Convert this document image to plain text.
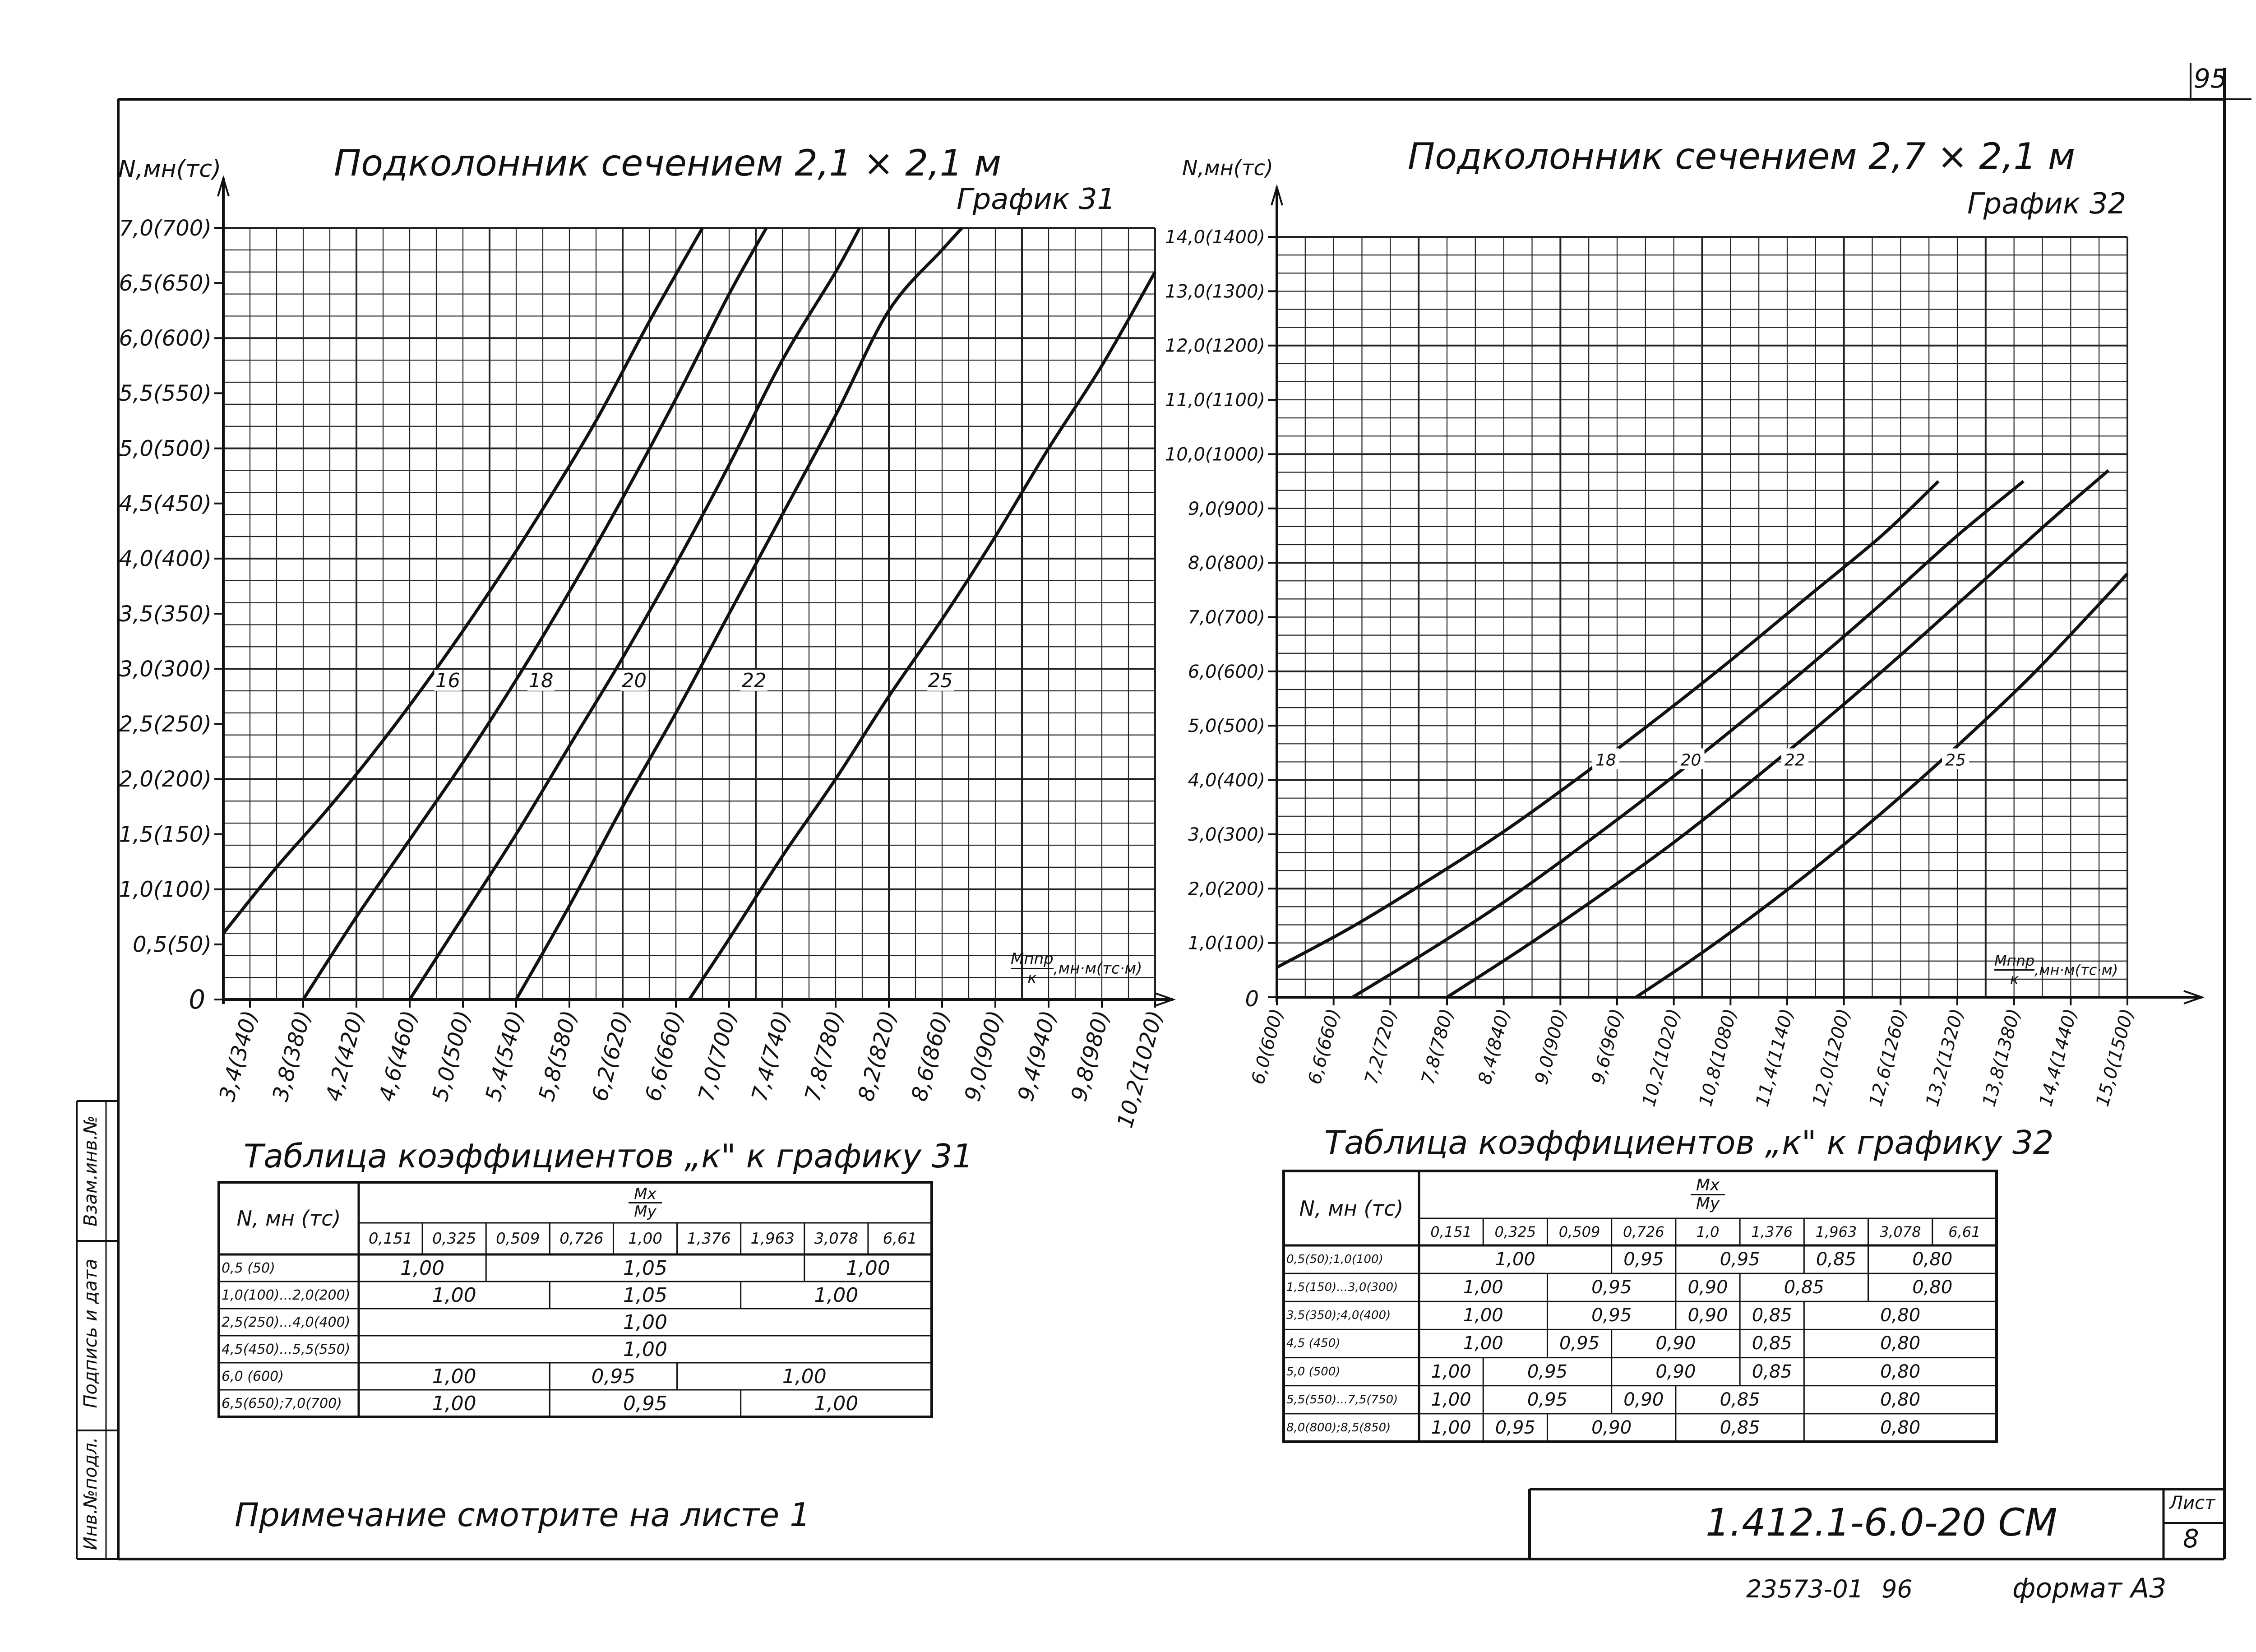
95
Взам.инв.№
Подпись и дата
Инв.№подл.
Подколонник сечением 2,1 × 2,1 м
График 31
N,мн(тс)
0,5(50)
1,0(100)
1,5(150)
2,0(200)
2,5(250)
3,0(300)
3,5(350)
4,0(400)
4,5(450)
5,0(500)
5,5(550)
6,0(600)
6,5(650)
7,0(700)
3,4(340) 3,8(380) 4,2(420) 4,6(460) 5,0(500) 5,4(540) 5,8(580) 6,2(620) 6,6(660) 7,0(700) 7,4(740) 7,8(780) 8,2(820) 8,6(860) 9,0(900) 9,4(940) 9,8(980)
10,2(1020)
16	18	20	22	25
0
Mпnр
к
,мн·м(тс·м)
Подколонник сечением 2,7 × 2,1 м
График 32
N,мн(тс)
1,0(100)
2,0(200)
3,0(300)
4,0(400)
5,0(500)
6,0(600)
7,0(700)
8,0(800)
9,0(900)
10,0(1000)
11,0(1100)
12,0(1200)
13,0(1300)
14,0(1400)
6,0(600) 6,6(660) 7,2(720) 7,8(780) 8,4(840) 9,0(900) 9,6(960) 10,2(1020) 10,8(1080) 11,4(1140) 12,0(1200) 12,6(1260) 13,2(1320) 13,8(1380) 14,4(1440) 15,0(1500)
18	20	22	25
0
Mпnр
к
,мн·м(тс·м)
Таблица коэффициентов „к" к графику 31
N, мн (тс)	$\frac{Mx}{My}$
0,151	0,325	0,509	0,726	1,00	1,376	1,963	3,078	6,61
0,5 (50)	1,00	1,05	1,00
1,0(100)...2,0(200)	1,00	1,05	1,00
2,5(250)...4,0(400)	1,00
4,5(450)...5,5(550)	1,00
6,0 (600)	1,00	0,95	1,00
6,5(650);7,0(700)	1,00	0,95	1,00
Таблица коэффициентов „к" к графику 32
N, мн $(тс) \frac{Mx}{My}$
0,151	0,325	0,509	0,726	1,0	1,376	1,963	3,078	6,61
0,5(50);1,0(100)	1,00	0,95	0,95	0,85	0,80
1,5(150)...3,0(300)	1,00	0,95	0,90	0,85	0,80
3,5(350);4,0(400)	1,00	0,95	0,90	0,85	0,80
4,5 (450)	1,00	0,95	0,90	0,85	0,80
5,0 (500)	1,00	0,95	0,90	0,85	0,80
5,5(550)...7,5(750)	1,00	0,95	0,90	0,85	0,80
8,0(800);8,5(850)	1,00	0,95	0,90	0,85	0,80
Примечание смотрите на листе 1	1.412.1-6.0-20 СМ	Лист
8
23573-01 96	формат А3
